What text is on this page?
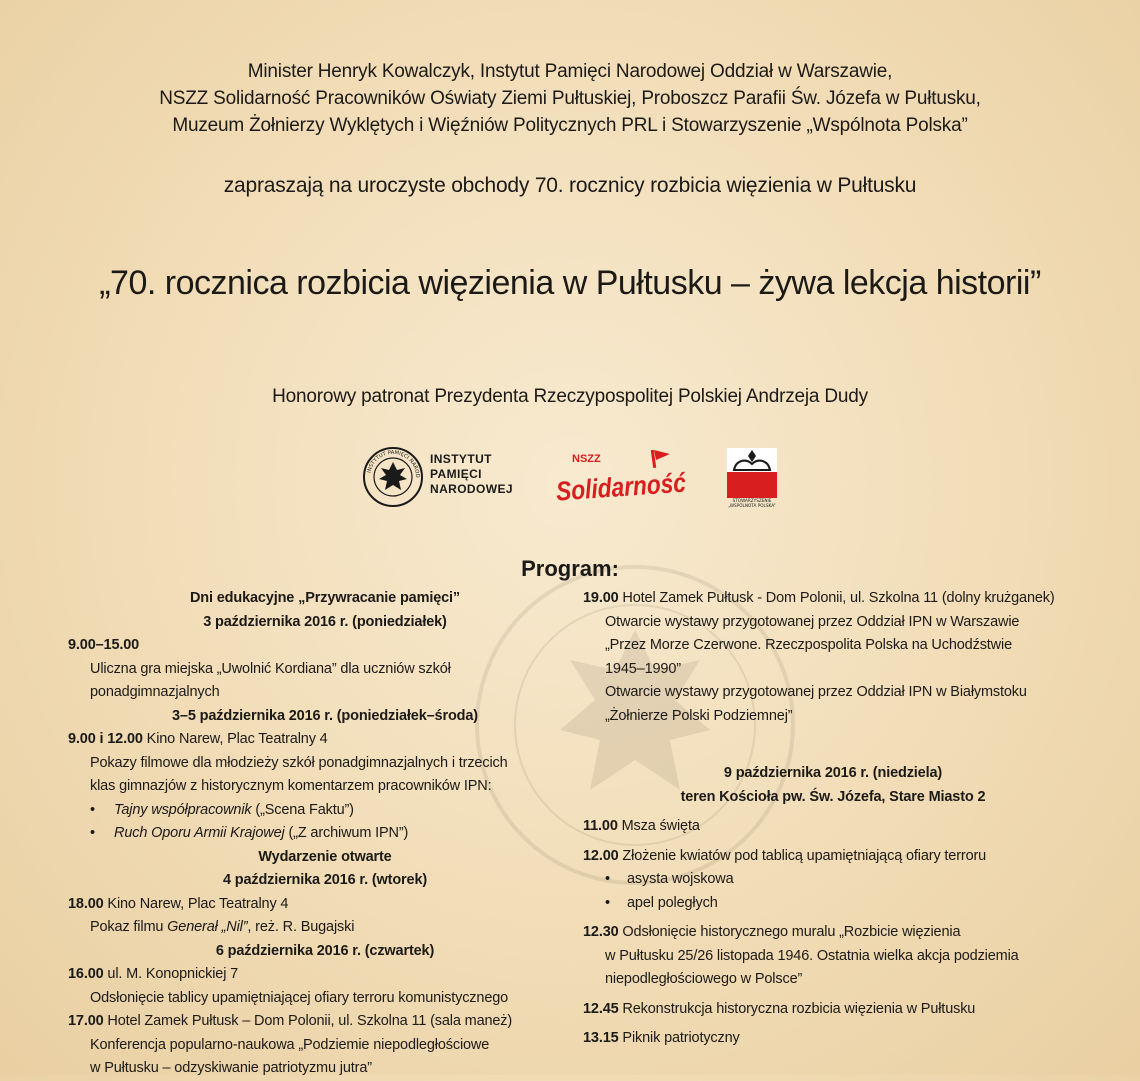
Minister Henryk Kowalczyk, Instytut Pamięci Narodowej Oddział w Warszawie,
NSZZ Solidarność Pracowników Oświaty Ziemi Pułtuskiej, Proboszcz Parafii Św. Józefa w Pułtusku,
Muzeum Żołnierzy Wyklętych i Więźniów Politycznych PRL i Stowarzyszenie „Wspólnota Polska”
zapraszają na uroczyste obchody 70. rocznicy rozbicia więzienia w Pułtusku
„70. rocznica rozbicia więzienia w Pułtusku – żywa lekcja historii”
Honorowy patronat Prezydenta Rzeczypospolitej Polskiej Andrzeja Dudy
INSTYTUT PAMIĘCI NAROD
INSTYTUT
PAMIĘCI
NARODOWEJ
NSZZ
Solidarność	STOWARZYSZENIE
„WSPÓLNOTA POLSKA”
Program:
Dni edukacyjne „Przywracanie pamięci”
3 października 2016 r. (poniedziałek)
9.00–15.00
Uliczna gra miejska „Uwolnić Kordiana” dla uczniów szkół
ponadgimnazjalnych
3–5 października 2016 r. (poniedziałek–środa)
9.00 i 12.00 Kino Narew, Plac Teatralny 4
Pokazy filmowe dla młodzieży szkół ponadgimnazjalnych i trzecich
klas gimnazjów z historycznym komentarzem pracowników IPN:
• Tajny współpracownik („Scena Faktu”)
• Ruch Oporu Armii Krajowej („Z archiwum IPN”)
Wydarzenie otwarte
4 października 2016 r. (wtorek)
18.00 Kino Narew, Plac Teatralny 4
Pokaz filmu Generał „Nil”, reż. R. Bugajski
6 października 2016 r. (czwartek)
16.00 ul. M. Konopnickiej 7
Odsłonięcie tablicy upamiętniającej ofiary terroru komunistycznego
17.00 Hotel Zamek Pułtusk – Dom Polonii, ul. Szkolna 11 (sala maneż)
Konferencja popularno-naukowa „Podziemie niepodległościowe
w Pułtusku – odzyskiwanie patriotyzmu jutra”
19.00 Hotel Zamek Pułtusk - Dom Polonii, ul. Szkolna 11 (dolny krużganek)
Otwarcie wystawy przygotowanej przez Oddział IPN w Warszawie
„Przez Morze Czerwone. Rzeczpospolita Polska na Uchodźstwie
1945–1990”
Otwarcie wystawy przygotowanej przez Oddział IPN w Białymstoku
„Żołnierze Polski Podziemnej”
9 października 2016 r. (niedziela)
teren Kościoła pw. Św. Józefa, Stare Miasto 2
11.00 Msza święta
12.00 Złożenie kwiatów pod tablicą upamiętniającą ofiary terroru
• asysta wojskowa
• apel poległych
12.30 Odsłonięcie historycznego muralu „Rozbicie więzienia
w Pułtusku 25/26 listopada 1946. Ostatnia wielka akcja podziemia
niepodległościowego w Polsce”
12.45 Rekonstrukcja historyczna rozbicia więzienia w Pułtusku
13.15 Piknik patriotyczny
